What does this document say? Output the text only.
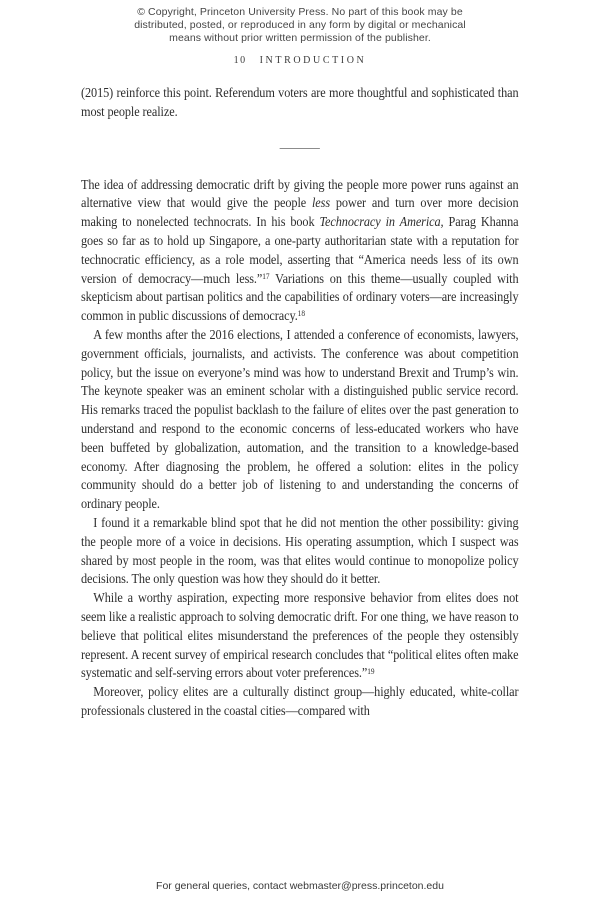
© Copyright, Princeton University Press. No part of this book may be
distributed, posted, or reproduced in any form by digital or mechanical
means without prior written permission of the publisher.
10 INTRODUCTION

(2015) reinforce this point. Referendum voters are more thoughtful and sophisticated than most people realize.

The idea of addressing democratic drift by giving the people more power runs against an alternative view that would give the people less power and turn over more decision making to nonelected technocrats. In his book Technocracy in America, Parag Khanna goes so far as to hold up Singapore, a one-party authoritarian state with a reputation for technocratic efficiency, as a role model, asserting that “America needs less of its own version of democracy—much less.”$^{17}$ Variations on this theme—usually coupled with skepticism about partisan politics and the capabilities of ordinary voters—are increasingly common in public discussions of democracy.$^{18}$

A few months after the 2016 elections, I attended a conference of economists, lawyers, government officials, journalists, and activists. The conference was about competition policy, but the issue on everyone’s mind was how to understand Brexit and Trump’s win. The keynote speaker was an eminent scholar with a distinguished public service record. His remarks traced the populist backlash to the failure of elites over the past generation to understand and respond to the economic concerns of less-educated workers who have been buffeted by globalization, automation, and the transition to a knowledge-based economy. After diagnosing the problem, he offered a solution: elites in the policy community should do a better job of listening to and understanding the concerns of ordinary people.

I found it a remarkable blind spot that he did not mention the other possibility: giving the people more of a voice in decisions. His operating assumption, which I suspect was shared by most people in the room, was that elites would continue to monopolize policy decisions. The only question was how they should do it better.

While a worthy aspiration, expecting more responsive behavior from elites does not seem like a realistic approach to solving democratic drift. For one thing, we have reason to believe that political elites misunderstand the preferences of the people they ostensibly represent. A recent survey of empirical research concludes that “political elites often make systematic and self-serving errors about voter preferences.”$^{19}$

Moreover, policy elites are a culturally distinct group—highly educated, white-collar professionals clustered in the coastal cities—compared with

For general queries, contact webmaster@press.princeton.edu
